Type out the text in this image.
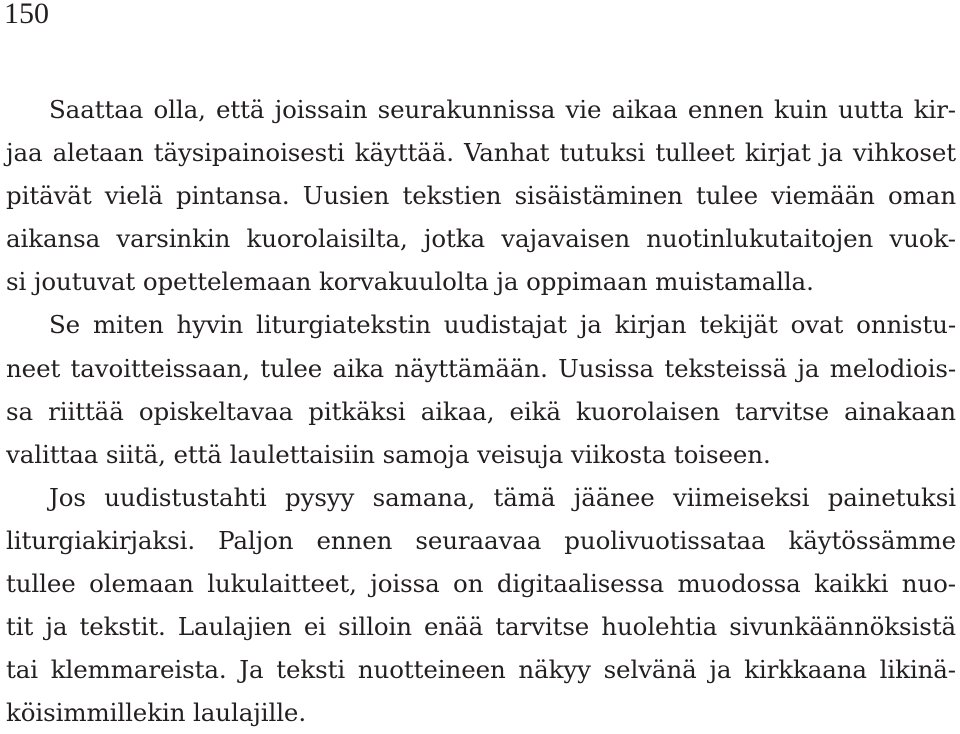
150
Saattaa olla, että joissain seurakunnissa vie aikaa ennen kuin uutta kir-
jaa aletaan täysipainoisesti käyttää. Vanhat tutuksi tulleet kirjat ja vihkoset
pitävät vielä pintansa. Uusien tekstien sisäistäminen tulee viemään oman
aikansa varsinkin kuorolaisilta, jotka vajavaisen nuotinlukutaitojen vuok-
si joutuvat opettelemaan korvakuulolta ja oppimaan muistamalla.
Se miten hyvin liturgiatekstin uudistajat ja kirjan tekijät ovat onnistu-
neet tavoitteissaan, tulee aika näyttämään. Uusissa teksteissä ja melodiois-
sa riittää opiskeltavaa pitkäksi aikaa, eikä kuorolaisen tarvitse ainakaan
valittaa siitä, että laulettaisiin samoja veisuja viikosta toiseen.
Jos uudistustahti pysyy samana, tämä jäänee viimeiseksi painetuksi
liturgiakirjaksi. Paljon ennen seuraavaa puolivuotissataa käytössämme
tullee olemaan lukulaitteet, joissa on digitaalisessa muodossa kaikki nuo-
tit ja tekstit. Laulajien ei silloin enää tarvitse huolehtia sivunkäännöksistä
tai klemmareista. Ja teksti nuotteineen näkyy selvänä ja kirkkaana likinä-
köisimmillekin laulajille.
